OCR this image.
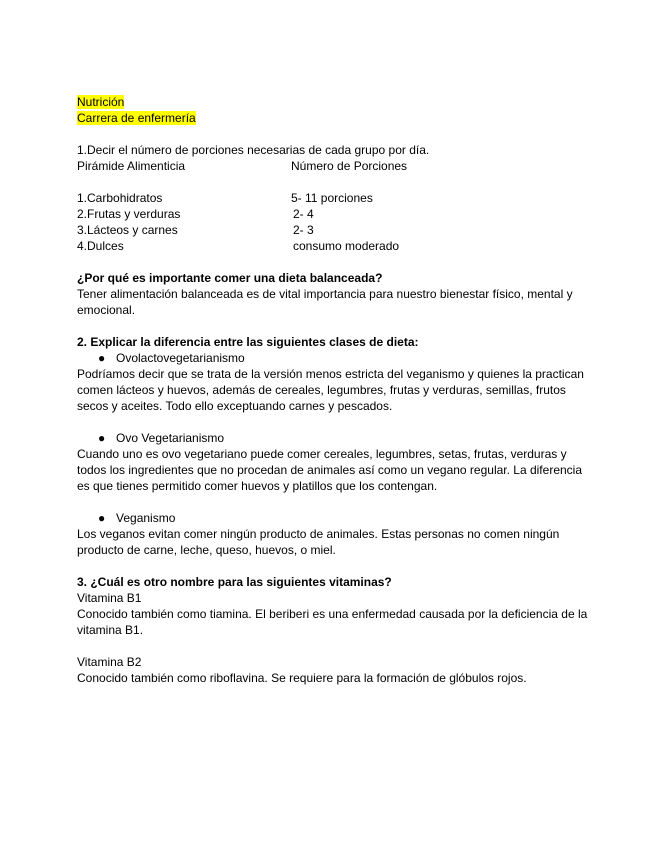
Nutrición
Carrera de enfermería
1.Decir el número de porciones necesarias de cada grupo por día.
Pirámide Alimenticia	Número de Porciones
1.Carbohidratos	5- 11 porciones
2.Frutas y verduras	2- 4
3.Lácteos y carnes	2- 3
4.Dulces	consumo moderado
¿Por qué es importante comer una dieta balanceada?
Tener alimentación balanceada es de vital importancia para nuestro bienestar físico, mental y
emocional.
2. Explicar la diferencia entre las siguientes clases de dieta:
● Ovolactovegetarianismo
Podríamos decir que se trata de la versión menos estricta del veganismo y quienes la practican
comen lácteos y huevos, además de cereales, legumbres, frutas y verduras, semillas, frutos
secos y aceites. Todo ello exceptuando carnes y pescados.
● Ovo Vegetarianismo
Cuando uno es ovo vegetariano puede comer cereales, legumbres, setas, frutas, verduras y
todos los ingredientes que no procedan de animales así como un vegano regular. La diferencia
es que tienes permitido comer huevos y platillos que los contengan.
● Veganismo
Los veganos evitan comer ningún producto de animales. Estas personas no comen ningún
producto de carne, leche, queso, huevos, o miel.
3. ¿Cuál es otro nombre para las siguientes vitaminas?
Vitamina B1
Conocido también como tiamina. El beriberi es una enfermedad causada por la deficiencia de la
vitamina B1.
Vitamina B2
Conocido también como riboflavina. Se requiere para la formación de glóbulos rojos.
